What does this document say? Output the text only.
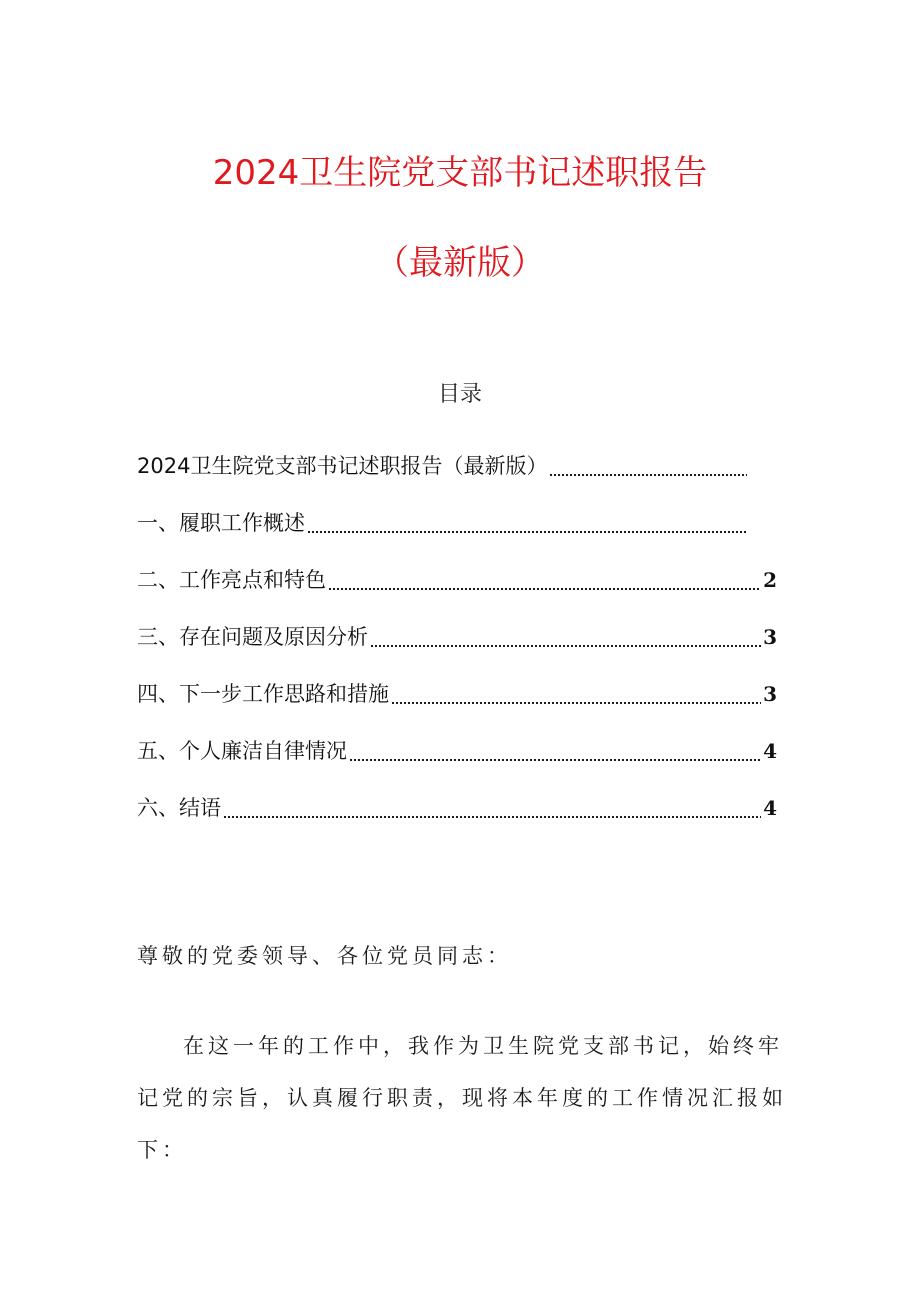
2024卫生院党支部书记述职报告
（最新版）
目录
2024卫生院党支部书记述职报告（最新版）
一、履职工作概述
二、工作亮点和特色	2
三、存在问题及原因分析	3
四、下一步工作思路和措施	3
五、个人廉洁自律情况	4
六、结语	4
尊敬的党委领导、各位党员同志：
在这一年的工作中，我作为卫生院党支部书记，始终牢记党的宗旨，认真履行职责，现将本年度的工作情况汇报如下：
